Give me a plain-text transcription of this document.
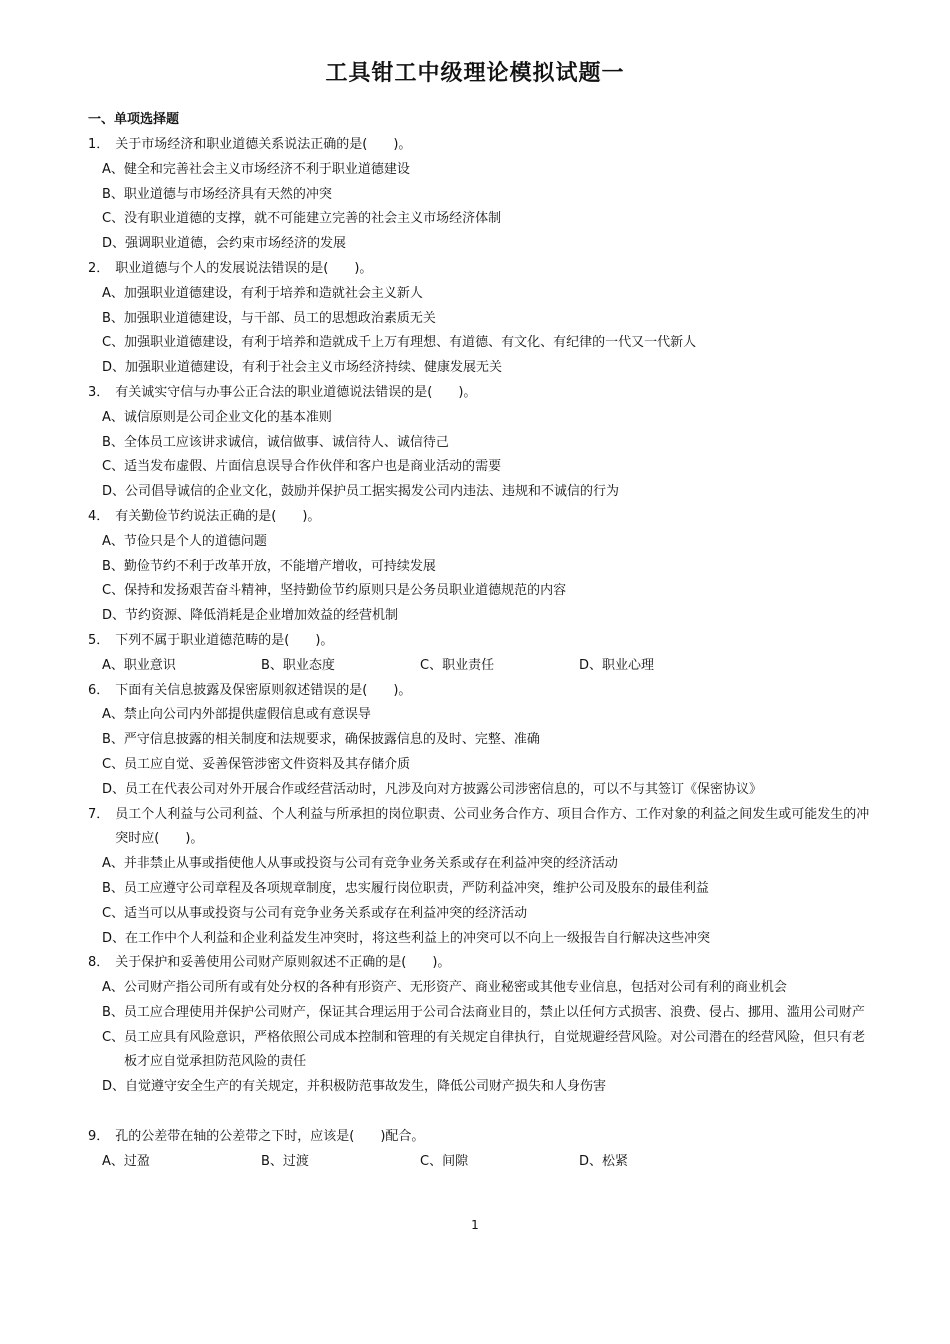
工具钳工中级理论模拟试题一
一、单项选择题
1． 关于市场经济和职业道德关系说法正确的是(　　)。
A、 健全和完善社会主义市场经济不利于职业道德建设
B、 职业道德与市场经济具有天然的冲突
C、 没有职业道德的支撑，就不可能建立完善的社会主义市场经济体制
D、 强调职业道德，会约束市场经济的发展
2． 职业道德与个人的发展说法错误的是(　　)。
A、 加强职业道德建设，有利于培养和造就社会主义新人
B、 加强职业道德建设，与干部、员工的思想政治素质无关
C、 加强职业道德建设，有利于培养和造就成千上万有理想、有道德、有文化、有纪律的一代又一代新人
D、 加强职业道德建设，有利于社会主义市场经济持续、健康发展无关
3． 有关诚实守信与办事公正合法的职业道德说法错误的是(　　)。
A、 诚信原则是公司企业文化的基本准则
B、 全体员工应该讲求诚信，诚信做事、诚信待人、诚信待己
C、 适当发布虚假、片面信息误导合作伙伴和客户也是商业活动的需要
D、 公司倡导诚信的企业文化，鼓励并保护员工据实揭发公司内违法、违规和不诚信的行为
4． 有关勤俭节约说法正确的是(　　)。
A、 节俭只是个人的道德问题
B、 勤俭节约不利于改革开放，不能增产增收，可持续发展
C、 保持和发扬艰苦奋斗精神，坚持勤俭节约原则只是公务员职业道德规范的内容
D、 节约资源、降低消耗是企业增加效益的经营机制
5． 下列不属于职业道德范畴的是(　　)。
A、 职业意识	B、 职业态度	C、 职业责任	D、 职业心理
6． 下面有关信息披露及保密原则叙述错误的是(　　)。
A、 禁止向公司内外部提供虚假信息或有意误导
B、 严守信息披露的相关制度和法规要求，确保披露信息的及时、完整、准确
C、 员工应自觉、妥善保管涉密文件资料及其存储介质
D、 员工在代表公司对外开展合作或经营活动时，凡涉及向对方披露公司涉密信息的，可以不与其签订《保密协议》
7． 员工个人利益与公司利益、个人利益与所承担的岗位职责、公司业务合作方、项目合作方、工作对象的利益之间发生或可能发生的冲突时应(　　)。
A、 并非禁止从事或指使他人从事或投资与公司有竞争业务关系或存在利益冲突的经济活动
B、 员工应遵守公司章程及各项规章制度，忠实履行岗位职责，严防利益冲突，维护公司及股东的最佳利益
C、 适当可以从事或投资与公司有竞争业务关系或存在利益冲突的经济活动
D、 在工作中个人利益和企业利益发生冲突时，将这些利益上的冲突可以不向上一级报告自行解决这些冲突
8． 关于保护和妥善使用公司财产原则叙述不正确的是(　　)。
A、 公司财产指公司所有或有处分权的各种有形资产、无形资产、商业秘密或其他专业信息，包括对公司有利的商业机会
B、 员工应合理使用并保护公司财产，保证其合理运用于公司合法商业目的，禁止以任何方式损害、浪费、侵占、挪用、滥用公司财产
C、 员工应具有风险意识，严格依照公司成本控制和管理的有关规定自律执行，自觉规避经营风险。对公司潜在的经营风险，但只有老板才应自觉承担防范风险的责任
D、 自觉遵守安全生产的有关规定，并积极防范事故发生，降低公司财产损失和人身伤害
9． 孔的公差带在轴的公差带之下时，应该是(　　)配合。
A、 过盈	B、 过渡	C、 间隙	D、 松紧
1
